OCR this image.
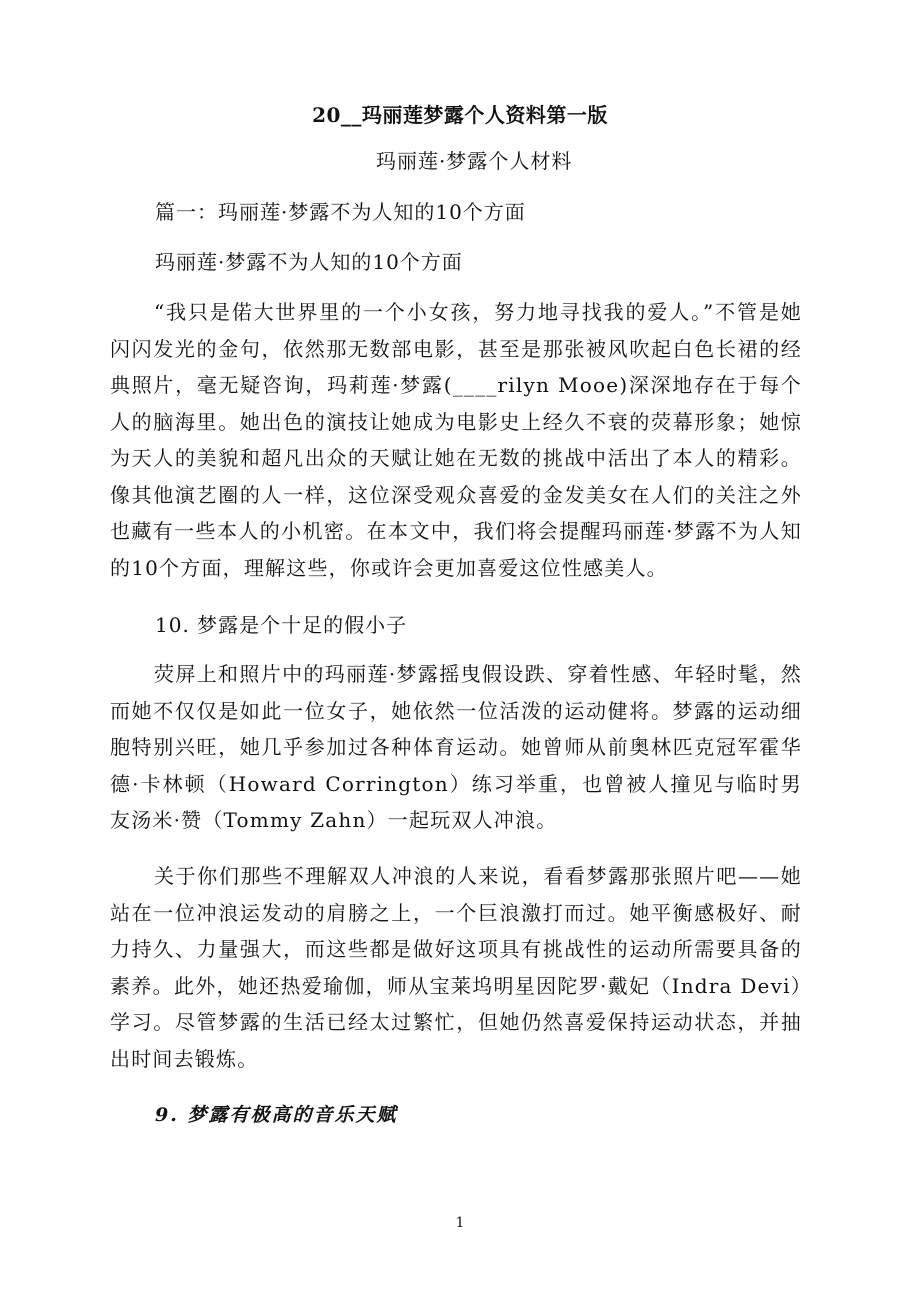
20__玛丽莲梦露个人资料第一版
玛丽莲·梦露个人材料
篇一：玛丽莲·梦露不为人知的10个方面
玛丽莲·梦露不为人知的10个方面

“我只是偌大世界里的一个小女孩，努力地寻找我的爱人。”不管是她闪闪发光的金句，依然那无数部电影，甚至是那张被风吹起白色长裙的经典照片，毫无疑咨询，玛莉莲·梦露(____rilyn Mooe)深深地存在于每个人的脑海里。她出色的演技让她成为电影史上经久不衰的荧幕形象；她惊为天人的美貌和超凡出众的天赋让她在无数的挑战中活出了本人的精彩。像其他演艺圈的人一样，这位深受观众喜爱的金发美女在人们的关注之外也藏有一些本人的小机密。在本文中，我们将会提醒玛丽莲·梦露不为人知的10个方面，理解这些，你或许会更加喜爱这位性感美人。

10. 梦露是个十足的假小子

荧屏上和照片中的玛丽莲·梦露摇曳假设跌、穿着性感、年轻时髦，然而她不仅仅是如此一位女子，她依然一位活泼的运动健将。梦露的运动细胞特别兴旺，她几乎参加过各种体育运动。她曾师从前奥林匹克冠军霍华德·卡林顿（Howard Corrington）练习举重，也曾被人撞见与临时男友汤米·赞（Tommy Zahn）一起玩双人冲浪。

关于你们那些不理解双人冲浪的人来说，看看梦露那张照片吧——她站在一位冲浪运发动的肩膀之上，一个巨浪激打而过。她平衡感极好、耐力持久、力量强大，而这些都是做好这项具有挑战性的运动所需要具备的素养。此外，她还热爱瑜伽，师从宝莱坞明星因陀罗·戴妃（Indra Devi）学习。尽管梦露的生活已经太过繁忙，但她仍然喜爱保持运动状态，并抽出时间去锻炼。

9. 梦露有极高的音乐天赋
1
